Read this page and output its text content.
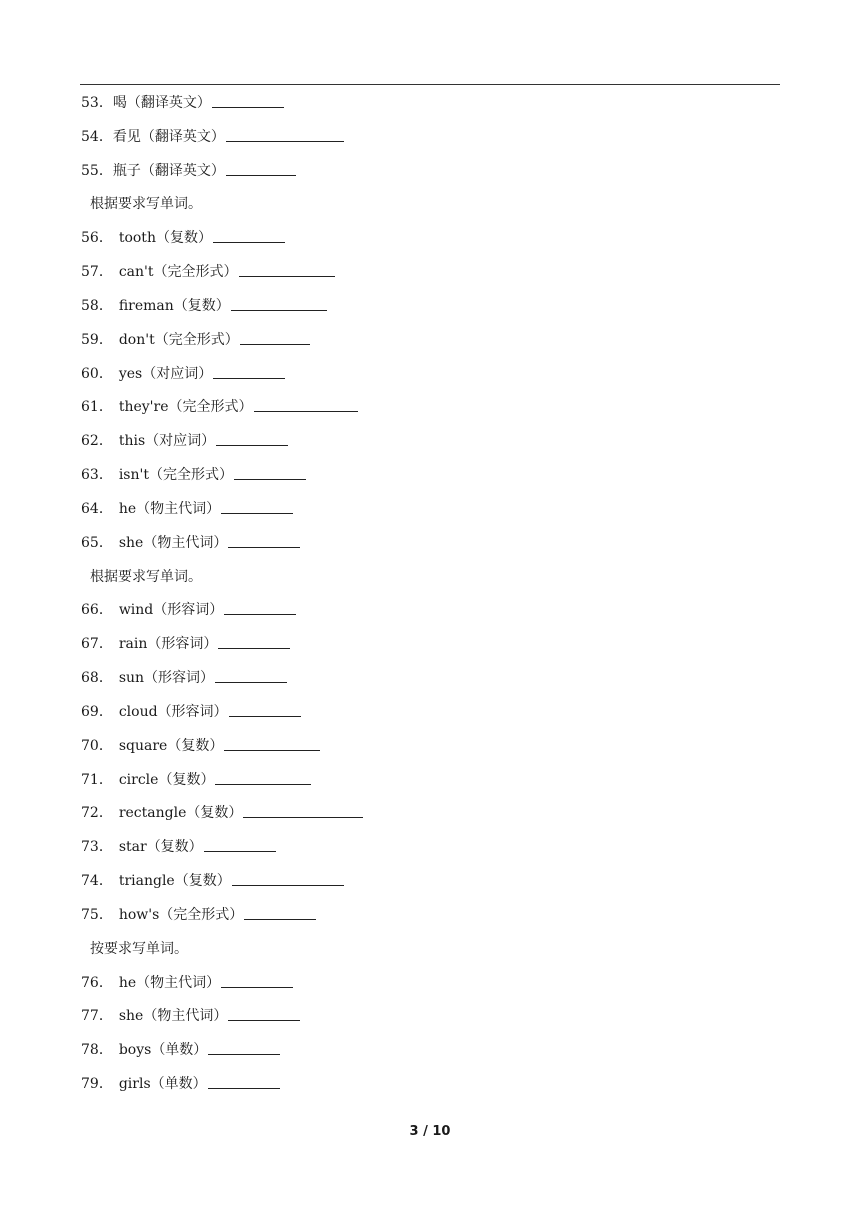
53． 喝（翻译英文）
54． 看见（翻译英文）
55． 瓶子（翻译英文）
根据要求写单词。
56． tooth （复数）
57． can't （完全形式）
58． fireman （复数）
59． don't （完全形式）
60． yes （对应词）
61． they're （完全形式）
62． this （对应词）
63． isn't （完全形式）
64． he （物主代词）
65． she （物主代词）
根据要求写单词。
66． wind （形容词）
67． rain （形容词）
68． sun （形容词）
69． cloud （形容词）
70． square （复数）
71． circle （复数）
72． rectangle （复数）
73． star （复数）
74． triangle （复数）
75． how's （完全形式）
按要求写单词。
76． he （物主代词）
77． she （物主代词）
78． boys （单数）
79． girls （单数）
3 / 10
